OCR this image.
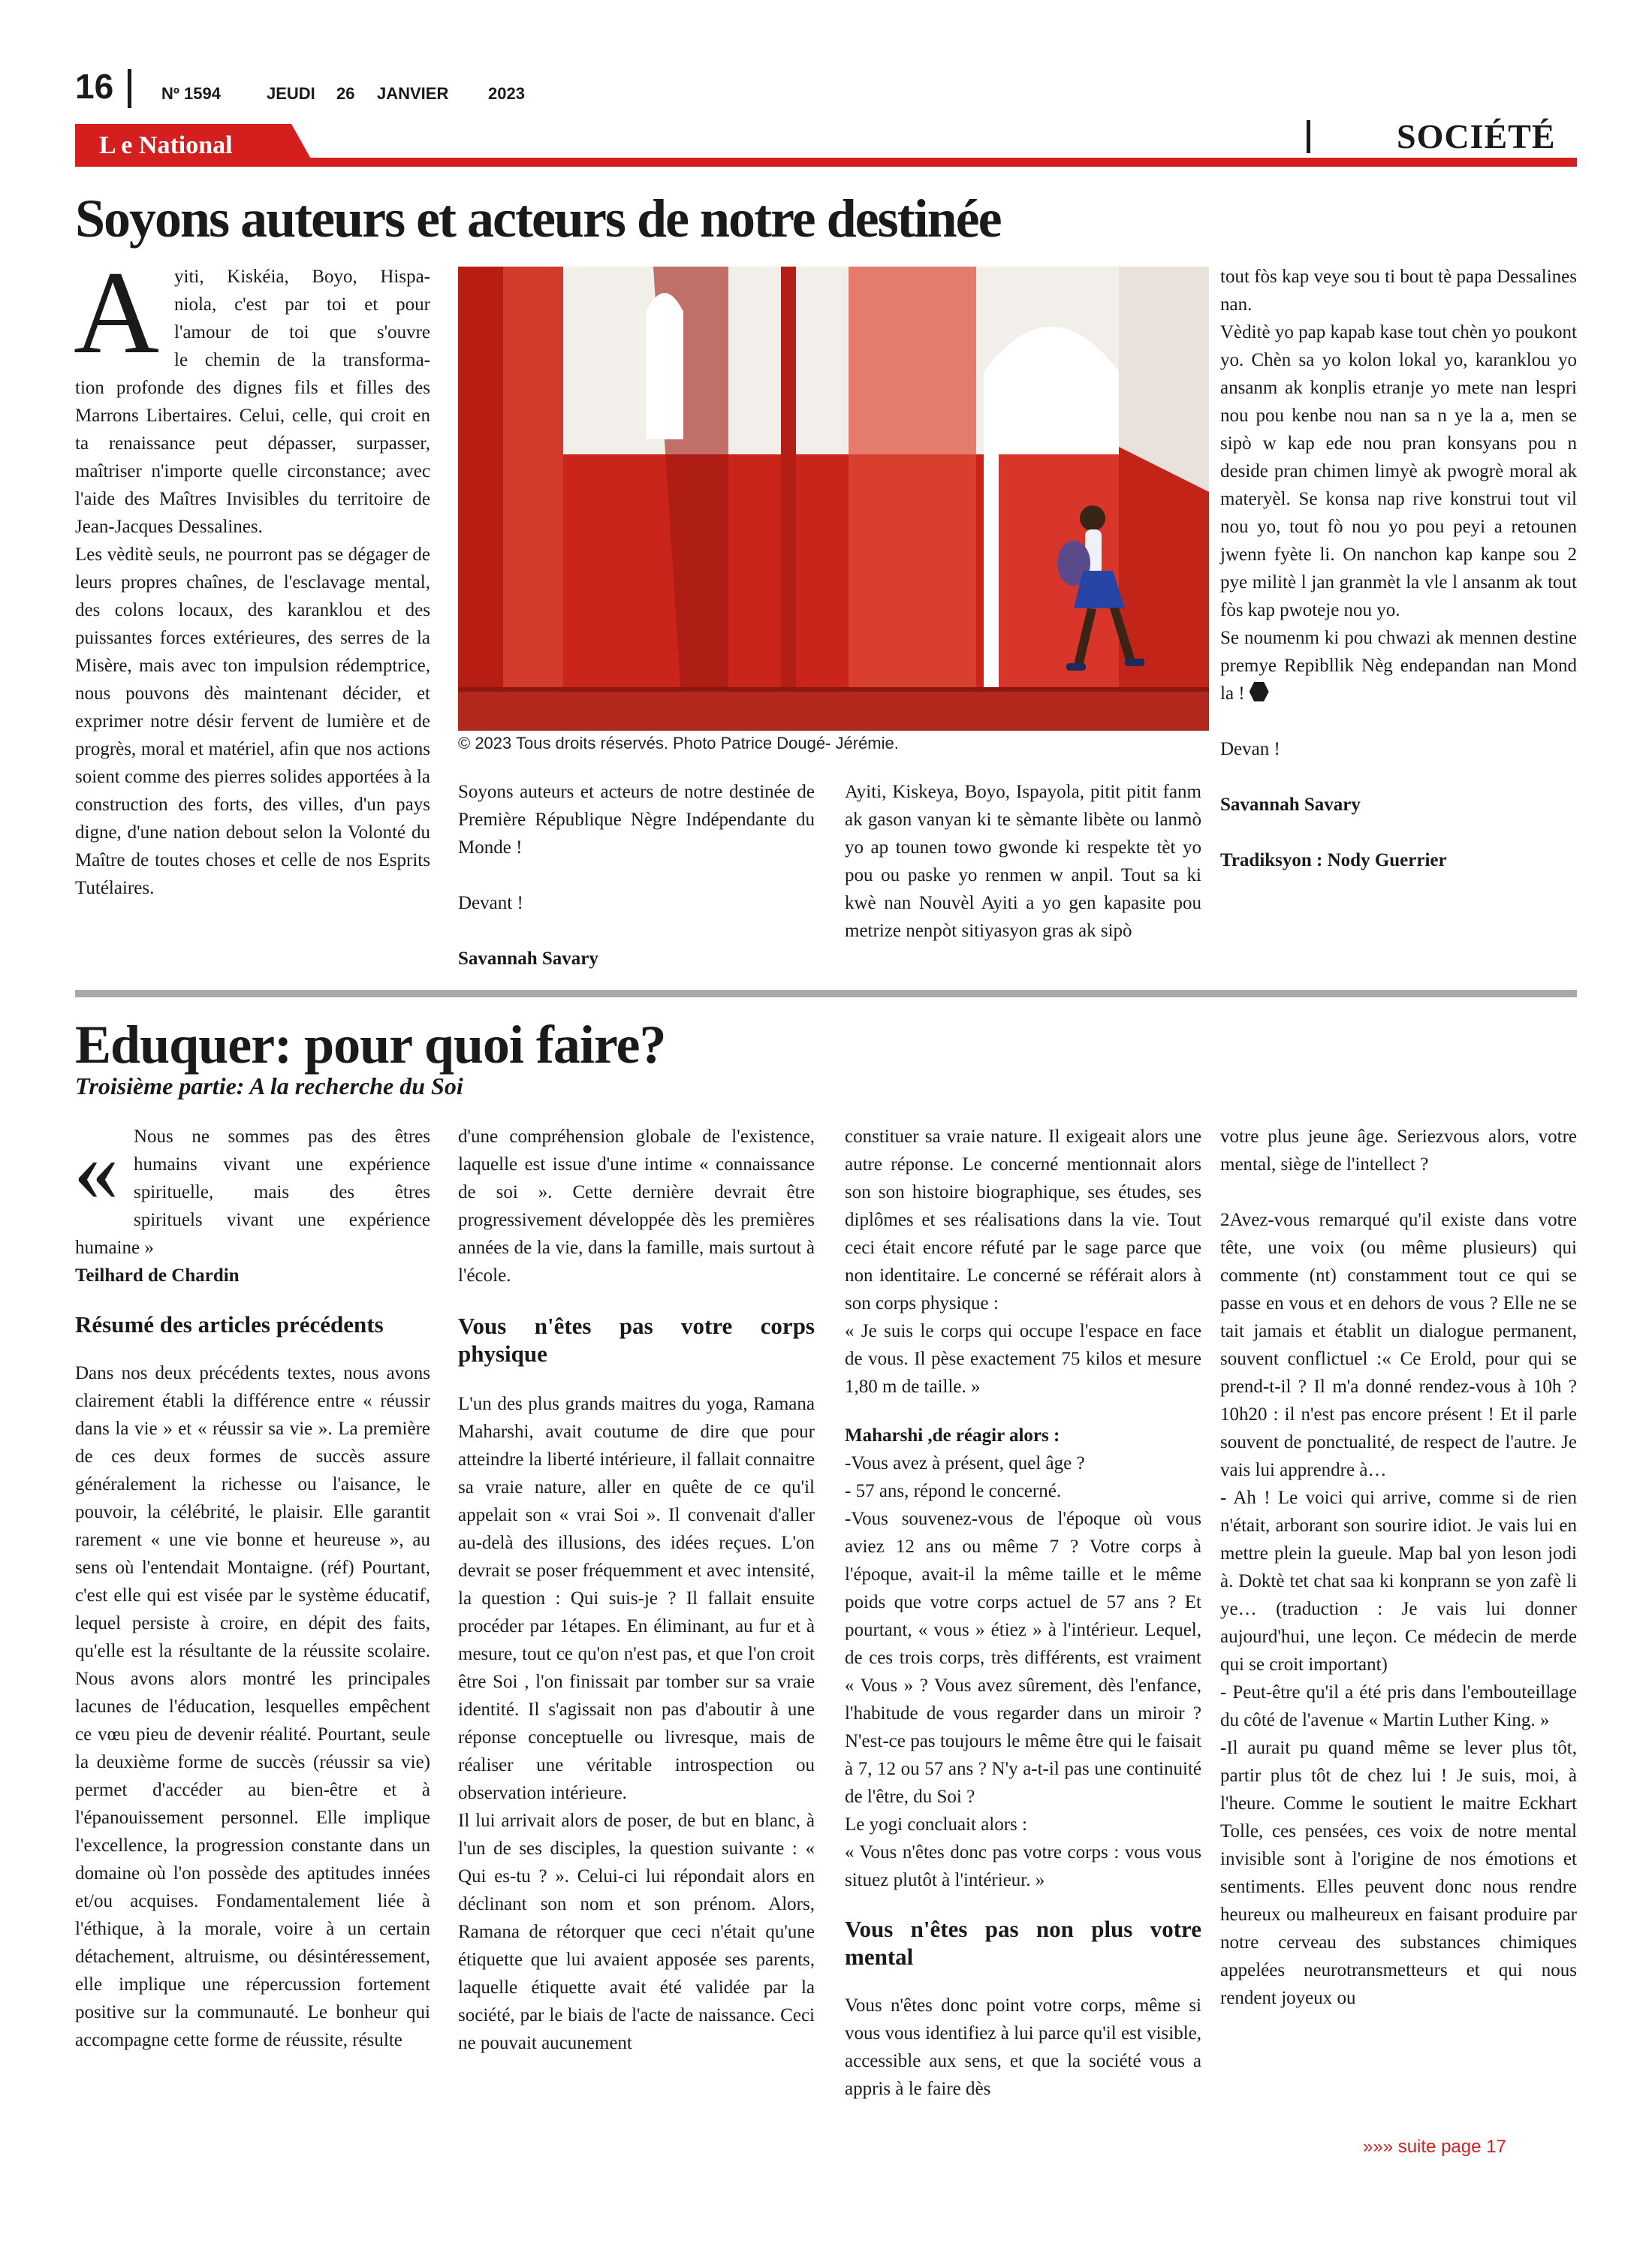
16	Nº 1594	JEUDI 26 JANVIER 2023
SOCIÉTÉ
L e National
Soyons auteurs et acteurs de notre destinée
A yiti, Kiskéia, Boyo, Hispa-

niola, c'est par toi et pour

l'amour de toi que s'ouvre

le chemin de la transforma-

tion profonde des dignes fils et filles des Marrons Libertaires. Celui, celle, qui croit en ta renaissance peut dépasser, surpasser, maîtriser n'importe quelle circonstance; avec l'aide des Maîtres Invisibles du territoire de Jean-Jacques Dessalines.

Les vèditè seuls, ne pourront pas se dégager de leurs propres chaînes, de l'esclavage mental, des colons locaux, des karanklou et des puissantes forces extérieures, des serres de la Misère, mais avec ton impulsion rédemptrice, nous pouvons dès maintenant décider, et exprimer notre désir fervent de lumière et de progrès, moral et matériel, afin que nos actions soient comme des pierres solides apportées à la construction des forts, des villes, d'un pays digne, d'une nation debout selon la Volonté du Maître de toutes choses et celle de nos Esprits Tutélaires.

© 2023 Tous droits réservés. Photo Patrice Dougé- Jérémie.

Soyons auteurs et acteurs de notre destinée de Première République Nègre Indépendante du Monde !

Devant !

Savannah Savary

Ayiti, Kiskeya, Boyo, Ispayola, pitit pitit fanm ak gason vanyan ki te sèmante libète ou lanmò yo ap tounen towo gwonde ki respekte tèt yo pou ou paske yo renmen w anpil. Tout sa ki kwè nan Nouvèl Ayiti a yo gen kapasite pou metrize nenpòt sitiyasyon gras ak sipò

tout fòs kap veye sou ti bout tè papa Dessalines nan.

Vèditè yo pap kapab kase tout chèn yo poukont yo. Chèn sa yo kolon lokal yo, karanklou yo ansanm ak konplis etranje yo mete nan lespri nou pou kenbe nou nan sa n ye la a, men se sipò w kap ede nou pran konsyans pou n deside pran chimen limyè ak pwogrè moral ak materyèl. Se konsa nap rive konstrui tout vil nou yo, tout fò nou yo pou peyi a retounen jwenn fyète li. On nanchon kap kanpe sou 2 pye militè l jan granmèt la vle l ansanm ak tout fòs kap pwoteje nou yo.

Se noumenm ki pou chwazi ak mennen destine premye Repibllik Nèg endepandan nan Mond la !

Devan !

Savannah Savary

Tradiksyon : Nody Guerrier

Eduquer: pour quoi faire?
Troisième partie: A la recherche du Soi
« Nous ne sommes pas des êtres

humains vivant une expérience

spirituelle, mais des êtres

spirituels vivant une expérience

humaine »

Teilhard de Chardin

Résumé des articles précédents

Dans nos deux précédents textes, nous avons clairement établi la différence entre « réussir dans la vie » et « réussir sa vie ». La première de ces deux formes de succès assure généralement la richesse ou l'aisance, le pouvoir, la célébrité, le plaisir. Elle garantit rarement « une vie bonne et heureuse », au sens où l'entendait Montaigne. (réf) Pourtant, c'est elle qui est visée par le système éducatif, lequel persiste à croire, en dépit des faits, qu'elle est la résultante de la réussite scolaire. Nous avons alors montré les principales lacunes de l'éducation, lesquelles empêchent ce vœu pieu de devenir réalité. Pourtant, seule la deuxième forme de succès (réussir sa vie) permet d'accéder au bien-être et à l'épanouissement personnel. Elle implique l'excellence, la progression constante dans un domaine où l'on possède des aptitudes innées et/ou acquises. Fondamentalement liée à l'éthique, à la morale, voire à un certain détachement, altruisme, ou désintéressement, elle implique une répercussion fortement positive sur la communauté. Le bonheur qui accompagne cette forme de réussite, résulte

d'une compréhension globale de l'existence, laquelle est issue d'une intime « connaissance de soi ». Cette dernière devrait être progressivement développée dès les premières années de la vie, dans la famille, mais surtout à l'école.

Vous n'êtes pas votre corps physique

L'un des plus grands maitres du yoga, Ramana Maharshi, avait coutume de dire que pour atteindre la liberté intérieure, il fallait connaitre sa vraie nature, aller en quête de ce qu'il appelait son « vrai Soi ». Il convenait d'aller au-delà des illusions, des idées reçues. L'on devrait se poser fréquemment et avec intensité, la question : Qui suis-je ? Il fallait ensuite procéder par 1étapes. En éliminant, au fur et à mesure, tout ce qu'on n'est pas, et que l'on croit être Soi , l'on finissait par tomber sur sa vraie identité. Il s'agissait non pas d'aboutir à une réponse conceptuelle ou livresque, mais de réaliser une véritable introspection ou observation intérieure.

Il lui arrivait alors de poser, de but en blanc, à l'un de ses disciples, la question suivante : « Qui es-tu ? ». Celui-ci lui répondait alors en déclinant son nom et son prénom. Alors, Ramana de rétorquer que ceci n'était qu'une étiquette que lui avaient apposée ses parents, laquelle étiquette avait été validée par la société, par le biais de l'acte de naissance. Ceci ne pouvait aucunement

constituer sa vraie nature. Il exigeait alors une autre réponse. Le concerné mentionnait alors son son histoire biographique, ses études, ses diplômes et ses réalisations dans la vie. Tout ceci était encore réfuté par le sage parce que non identitaire. Le concerné se référait alors à son corps physique :

« Je suis le corps qui occupe l'espace en face de vous. Il pèse exactement 75 kilos et mesure 1,80 m de taille. »

Maharshi ,de réagir alors :

-Vous avez à présent, quel âge ?

- 57 ans, répond le concerné.

-Vous souvenez-vous de l'époque où vous aviez 12 ans ou même 7 ? Votre corps à l'époque, avait-il la même taille et le même poids que votre corps actuel de 57 ans ? Et pourtant, « vous » étiez » à l'intérieur. Lequel, de ces trois corps, très différents, est vraiment « Vous » ? Vous avez sûrement, dès l'enfance, l'habitude de vous regarder dans un miroir ? N'est-ce pas toujours le même être qui le faisait à 7, 12 ou 57 ans ? N'y a-t-il pas une continuité de l'être, du Soi ?

Le yogi concluait alors :

« Vous n'êtes donc pas votre corps : vous vous situez plutôt à l'intérieur. »

Vous n'êtes pas non plus votre mental

Vous n'êtes donc point votre corps, même si vous vous identifiez à lui parce qu'il est visible, accessible aux sens, et que la société vous a appris à le faire dès

votre plus jeune âge. Seriezvous alors, votre mental, siège de l'intellect ?

2Avez-vous remarqué qu'il existe dans votre tête, une voix (ou même plusieurs) qui commente (nt) constamment tout ce qui se passe en vous et en dehors de vous ? Elle ne se tait jamais et établit un dialogue permanent, souvent conflictuel :« Ce Erold, pour qui se prend-t-il ? Il m'a donné rendez-vous à 10h ? 10h20 : il n'est pas encore présent ! Et il parle souvent de ponctualité, de respect de l'autre. Je vais lui apprendre à…

- Ah ! Le voici qui arrive, comme si de rien n'était, arborant son sourire idiot. Je vais lui en mettre plein la gueule. Map bal yon leson jodi à. Doktè tet chat saa ki konprann se yon zafè li ye… (traduction : Je vais lui donner aujourd'hui, une leçon. Ce médecin de merde qui se croit important)

- Peut-être qu'il a été pris dans l'embouteillage du côté de l'avenue « Martin Luther King. »

-Il aurait pu quand même se lever plus tôt, partir plus tôt de chez lui ! Je suis, moi, à l'heure. Comme le soutient le maitre Eckhart Tolle, ces pensées, ces voix de notre mental invisible sont à l'origine de nos émotions et sentiments. Elles peuvent donc nous rendre heureux ou malheureux en faisant produire par notre cerveau des substances chimiques appelées neurotransmetteurs et qui nous rendent joyeux ou

»»» suite page 17
